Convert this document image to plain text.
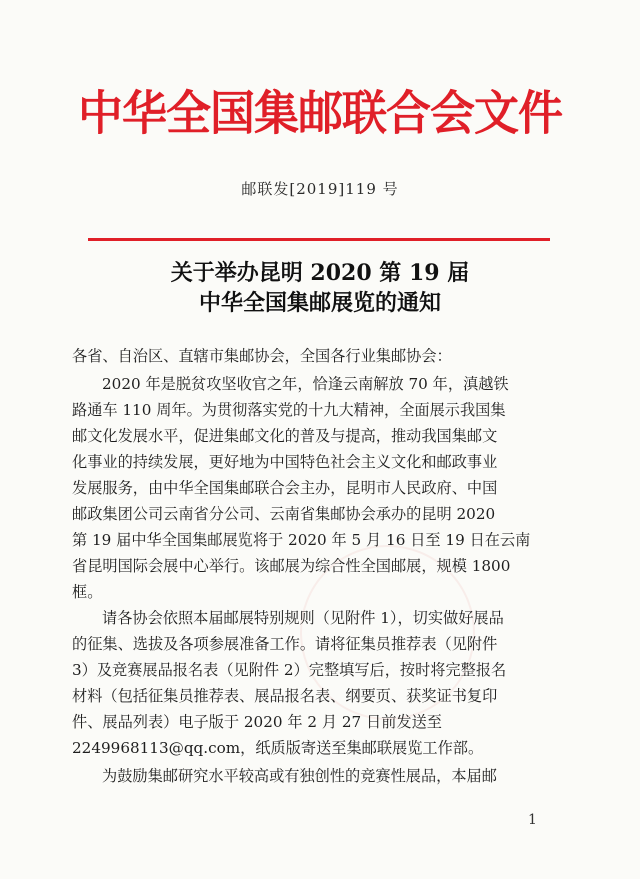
中华全国集邮联合会文件
邮联发[2019]119 号
关于举办昆明 2020 第 19 届
中华全国集邮展览的通知
各省、自治区、直辖市集邮协会，全国各行业集邮协会：
2020 年是脱贫攻坚收官之年，恰逢云南解放 70 年，滇越铁
路通车 110 周年。为贯彻落实党的十九大精神，全面展示我国集
邮文化发展水平，促进集邮文化的普及与提高，推动我国集邮文
化事业的持续发展，更好地为中国特色社会主义文化和邮政事业
发展服务，由中华全国集邮联合会主办，昆明市人民政府、中国
邮政集团公司云南省分公司、云南省集邮协会承办的昆明 2020
第 19 届中华全国集邮展览将于 2020 年 5 月 16 日至 19 日在云南
省昆明国际会展中心举行。该邮展为综合性全国邮展，规模 1800
框。
请各协会依照本届邮展特别规则（见附件 1），切实做好展品
的征集、选拔及各项参展准备工作。请将征集员推荐表（见附件
3）及竞赛展品报名表（见附件 2）完整填写后，按时将完整报名
材料（包括征集员推荐表、展品报名表、纲要页、获奖证书复印
件、展品列表）电子版于 2020 年 2 月 27 日前发送至
2249968113@qq.com，纸质版寄送至集邮联展览工作部。
为鼓励集邮研究水平较高或有独创性的竞赛性展品，本届邮
1
